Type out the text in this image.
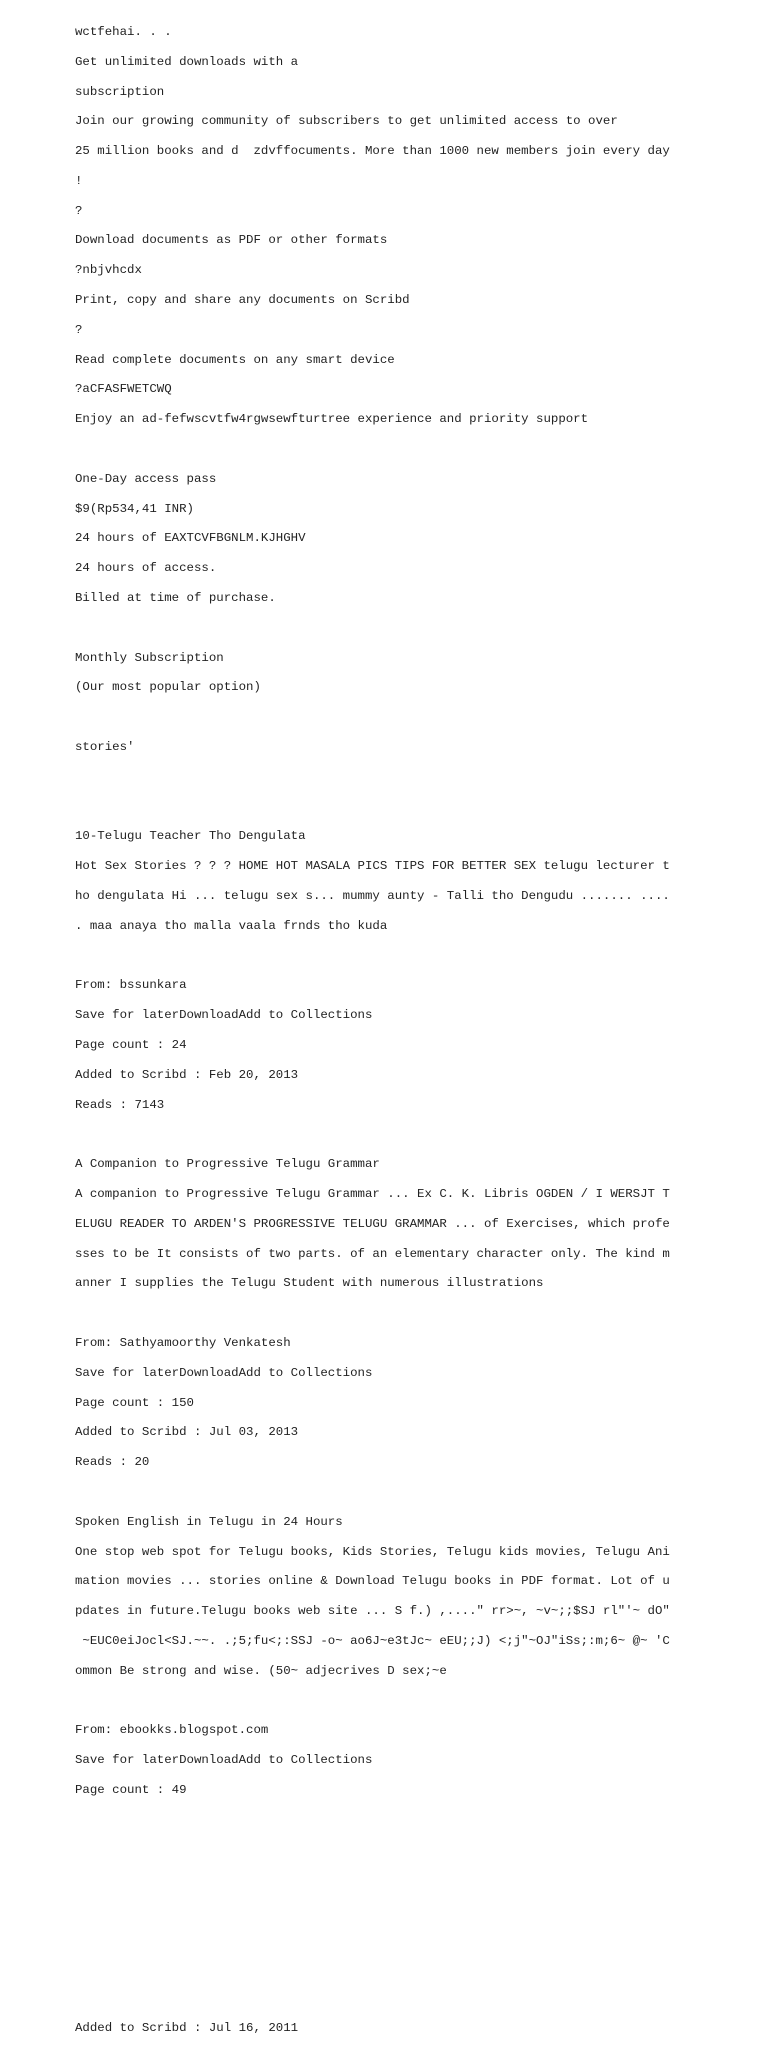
wctfehai. . .

Get unlimited downloads with a

subscription

Join our growing community of subscribers to get unlimited access to over

25 million books and d  zdvffocuments. More than 1000 new members join every day

!

?

Download documents as PDF or other formats

?nbjvhcdx

Print, copy and share any documents on Scribd

?

Read complete documents on any smart device

?aCFASFWETCWQ

Enjoy an ad-fefwscvtfw4rgwsewfturtree experience and priority support

One-Day access pass

$9(Rp534,41 INR)

24 hours of EAXTCVFBGNLM.KJHGHV

24 hours of access.

Billed at time of purchase.

Monthly Subscription

(Our most popular option)

stories'

10-Telugu Teacher Tho Dengulata

Hot Sex Stories ? ? ? HOME HOT MASALA PICS TIPS FOR BETTER SEX telugu lecturer t

ho dengulata Hi ... telugu sex s... mummy aunty - Talli tho Dengudu ....... ....

. maa anaya tho malla vaala frnds tho kuda

From: bssunkara

Save for laterDownloadAdd to Collections

Page count : 24

Added to Scribd : Feb 20, 2013

Reads : 7143

A Companion to Progressive Telugu Grammar

A companion to Progressive Telugu Grammar ... Ex C. K. Libris OGDEN / I WERSJT T

ELUGU READER TO ARDEN'S PROGRESSIVE TELUGU GRAMMAR ... of Exercises, which profe

sses to be It consists of two parts. of an elementary character only. The kind m

anner I supplies the Telugu Student with numerous illustrations

From: Sathyamoorthy Venkatesh

Save for laterDownloadAdd to Collections

Page count : 150

Added to Scribd : Jul 03, 2013

Reads : 20

Spoken English in Telugu in 24 Hours

One stop web spot for Telugu books, Kids Stories, Telugu kids movies, Telugu Ani

mation movies ... stories online & Download Telugu books in PDF format. Lot of u

pdates in future.Telugu books web site ... S f.) ,...." rr>~, ~v~;;$SJ rl"'~ dO"

~EUC0eiJocl<SJ.~~. .;5;fu<;:SSJ -o~ ao6J~e3tJc~ eEU;;J) <;j"~OJ"iSs;:m;6~ @~ 'C

ommon Be strong and wise. (50~ adjecrives D sex;~e

From: ebookks.blogspot.com

Save for laterDownloadAdd to Collections

Page count : 49

Added to Scribd : Jul 16, 2011
